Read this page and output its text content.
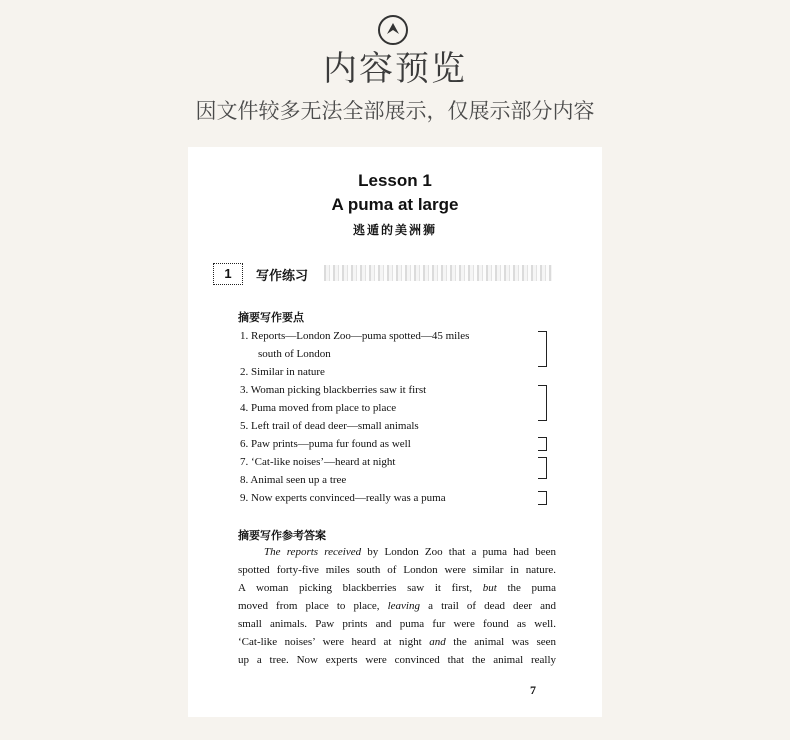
内容预览
因文件较多无法全部展示，仅展示部分内容
Lesson 1
A puma at large
逃遁的美洲狮
1	写作练习
摘要写作要点
1. Reports—London Zoo—puma spotted—45 miles
south of London
2. Similar in nature
3. Woman picking blackberries saw it first
4. Puma moved from place to place
5. Left trail of dead deer—small animals
6. Paw prints—puma fur found as well
7. ‘Cat-like noises’—heard at night
8. Animal seen up a tree
9. Now experts convinced—really was a puma
摘要写作参考答案
The reports received by London Zoo that a puma had been
spotted forty-five miles south of London were similar in nature.
A woman picking blackberries saw it first, but the puma
moved from place to place, leaving a trail of dead deer and
small animals. Paw prints and puma fur were found as well.
‘Cat-like noises’ were heard at night and the animal was seen
up a tree. Now experts were convinced that the animal really
7
